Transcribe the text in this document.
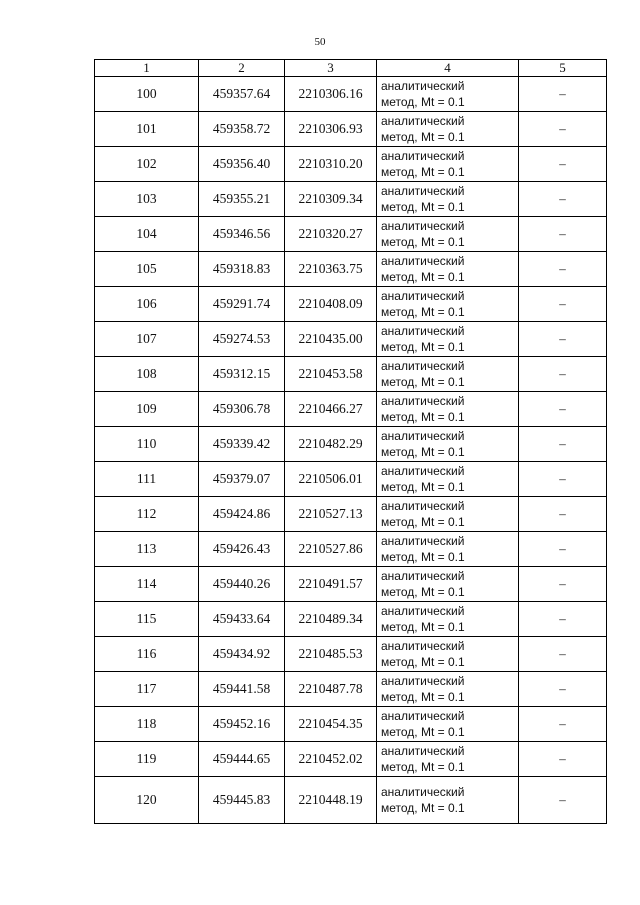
50
1	2	3	4	5
100	459357.64	2210306.16	аналитический
метод, Mt = 0.1	–
101	459358.72	2210306.93	аналитический
метод, Mt = 0.1	–
102	459356.40	2210310.20	аналитический
метод, Mt = 0.1	–
103	459355.21	2210309.34	аналитический
метод, Mt = 0.1	–
104	459346.56	2210320.27	аналитический
метод, Mt = 0.1	–
105	459318.83	2210363.75	аналитический
метод, Mt = 0.1	–
106	459291.74	2210408.09	аналитический
метод, Mt = 0.1	–
107	459274.53	2210435.00	аналитический
метод, Mt = 0.1	–
108	459312.15	2210453.58	аналитический
метод, Mt = 0.1	–
109	459306.78	2210466.27	аналитический
метод, Mt = 0.1	–
110	459339.42	2210482.29	аналитический
метод, Mt = 0.1	–
111	459379.07	2210506.01	аналитический
метод, Mt = 0.1	–
112	459424.86	2210527.13	аналитический
метод, Mt = 0.1	–
113	459426.43	2210527.86	аналитический
метод, Mt = 0.1	–
114	459440.26	2210491.57	аналитический
метод, Mt = 0.1	–
115	459433.64	2210489.34	аналитический
метод, Mt = 0.1	–
116	459434.92	2210485.53	аналитический
метод, Mt = 0.1	–
117	459441.58	2210487.78	аналитический
метод, Mt = 0.1	–
118	459452.16	2210454.35	аналитический
метод, Mt = 0.1	–
119	459444.65	2210452.02	аналитический
метод, Mt = 0.1	–
120	459445.83	2210448.19	аналитический
метод, Mt = 0.1	–
